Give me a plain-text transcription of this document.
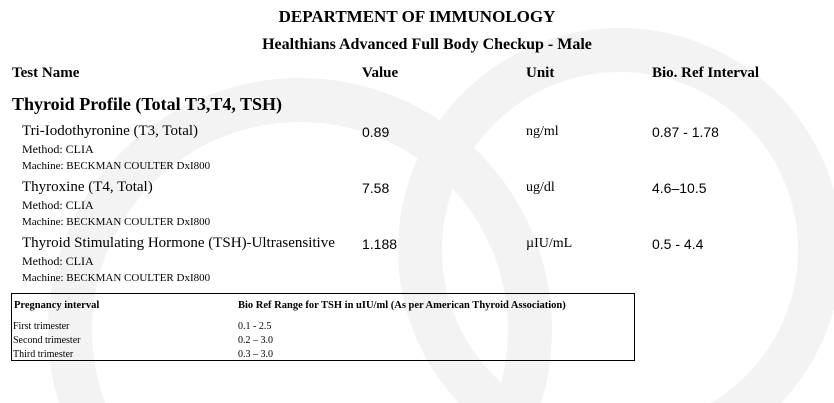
DEPARTMENT OF IMMUNOLOGY
Healthians Advanced Full Body Checkup - Male
Test Name	Value	Unit	Bio. Ref Interval
Thyroid Profile (Total T3,T4, TSH)
Tri-Iodothyronine (T3, Total)	0.89	ng/ml	0.87 - 1.78
Method: CLIA
Machine: BECKMAN COULTER DxI800
Thyroxine (T4, Total)	7.58	ug/dl	4.6–10.5
Method: CLIA
Machine: BECKMAN COULTER DxI800
Thyroid Stimulating Hormone (TSH)-Ultrasensitive 1.188	µIU/mL	0.5 - 4.4
Method: CLIA
Machine: BECKMAN COULTER DxI800
Pregnancy interval	Bio Ref Range for TSH in uIU/ml (As per American Thyroid Association)
First trimester	0.1 - 2.5
Second trimester	0.2 – 3.0
Third trimester	0.3 – 3.0
